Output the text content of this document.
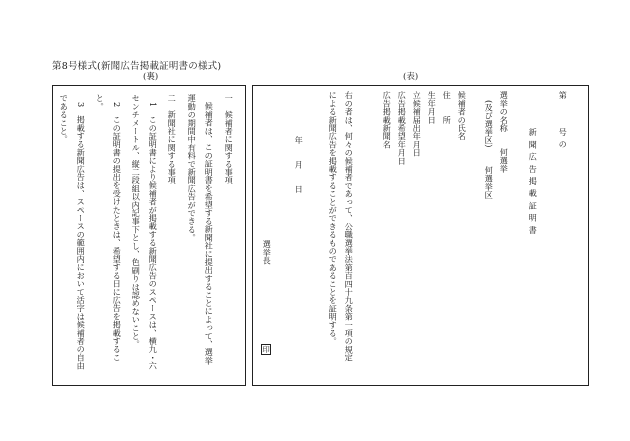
第8号様式(新聞広告掲載証明書の様式)
(裏)	(表)
一　候補者に関する事項
候補者は、この証明書を希望する新聞社に提出することによって、選挙
運動の期間中有料で新聞広告ができる。
二　新聞社に関する事項
1　この証明書により候補者が掲載する新聞広告のスペースは、横九・六
センチメートル、縦二段組以内記事下とし、色刷りは認めないこと。
2　この証明書の提出を受けたときは、希望する日に広告を掲載するこ
と。
3　掲載する新聞広告は、スペースの範囲内において活字は候補者の自由
であること。	第　　号の
新聞広告掲載証明書
選挙の名称
何選挙
(及び選挙区)
何選挙区
候補者の氏名
住　　所
生年月日
立候補届出年月日
広告掲載希望年月日
広告掲載新聞名
右の者は、何々の候補者であって、公職選挙法第百四十九条第一項の規定
による新聞広告を掲載することができるものであることを証明する。
年　月　日
選挙長
印
